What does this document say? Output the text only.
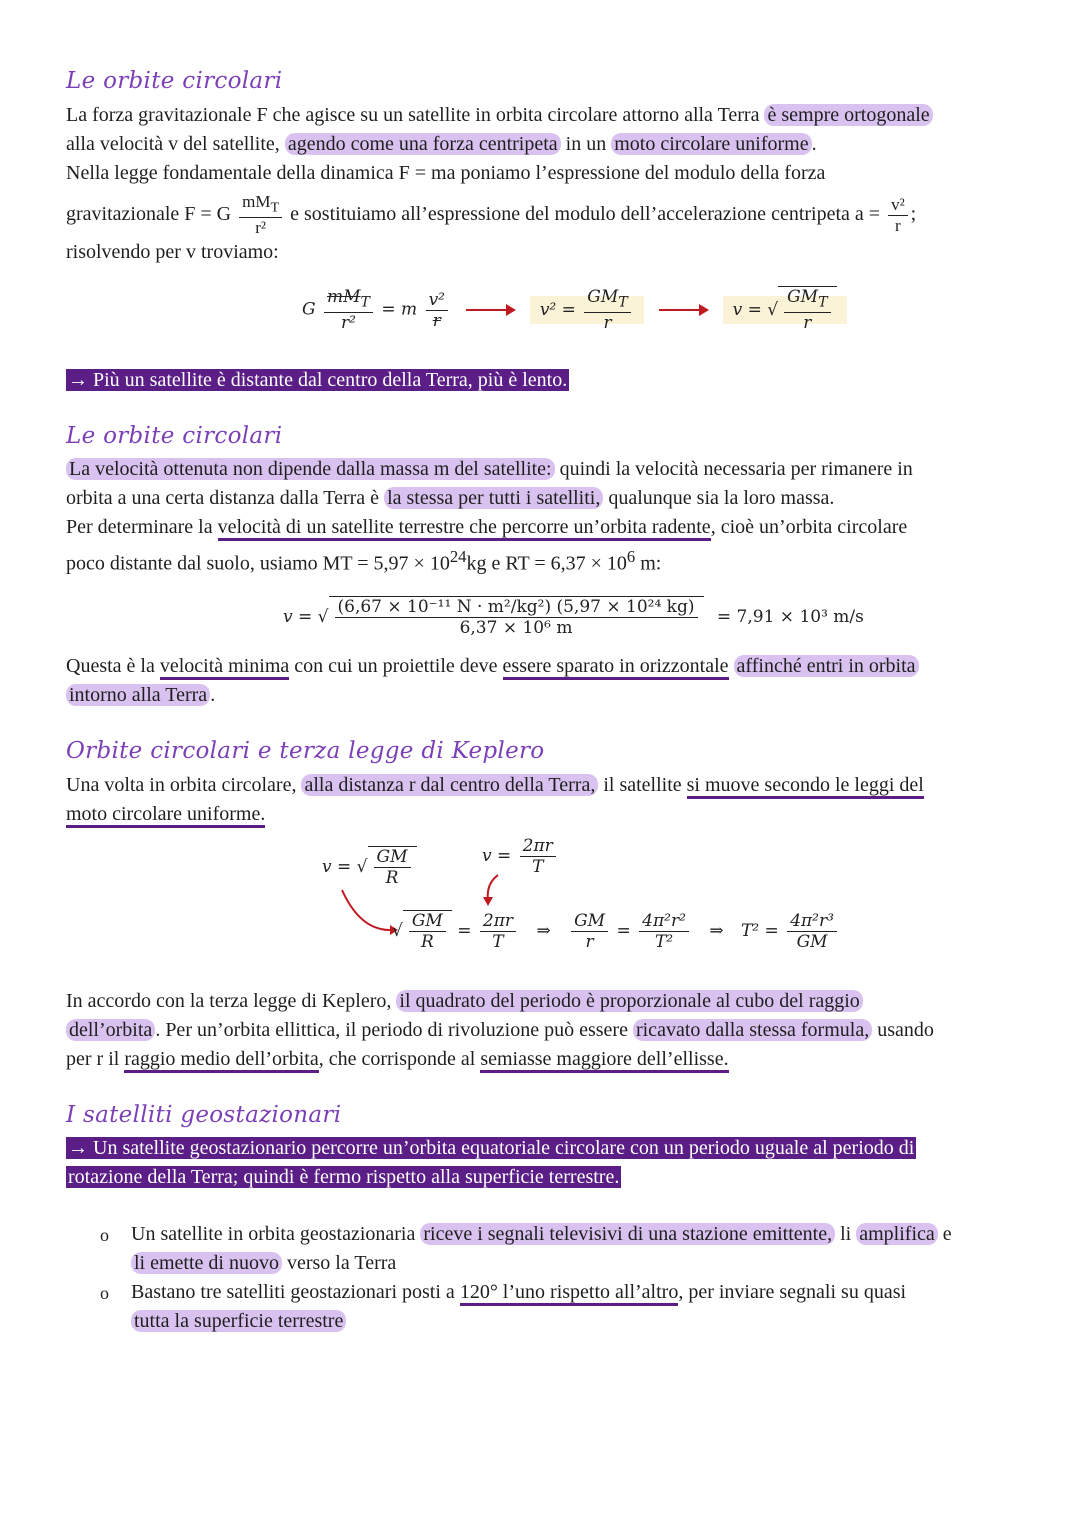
Le orbite circolari
La forza gravitazionale F che agisce su un satellite in orbita circolare attorno alla Terra è sempre ortogonale
alla velocità v del satellite, agendo come una forza centripeta in un moto circolare uniforme .
Nella legge fondamentale della dinamica F = ma poniamo l’espressione del modulo della forza
gravitazionale F = G $\frac{mM_T}{\text{r²}}$ e sostituiamo all’espressione del modulo dell’accelerazione centripeta $a = \frac{\text{v²}}{r}$ ;
risolvendo per v troviamo:
G $\frac{mM_T}{\text{r²}} = m \frac{\text{v²}}{r}$	$v^2 = \frac{GM_T}{r}$	v = √ $\frac{GM_T}{r}$
→ Più un satellite è distante dal centro della Terra, più è lento.
Le orbite circolari
La velocità ottenuta non dipende dalla massa m del satellite: quindi la velocità necessaria per rimanere in
orbita a una certa distanza dalla Terra è la stessa per tutti i satelliti, qualunque sia la loro massa.
Per determinare la velocità di un satellite terrestre che percorre un’orbita radente, cioè un’orbita circolare
poco distante dal suolo, usiamo MT = $5,97 \times 10^{24}kg$ e RT = $6,37 \times 10^6$ m:
v = √ $\frac{\text{(6,67 × 10⁻¹¹ N · m²/kg²) (5,97 × 10²⁴ kg)}}{\text{6,37 × 10⁶ m}} = 7,91 \times 10^3$ m/s
Questa è la velocità minima con cui un proiettile deve essere sparato in orizzontale affinché entri in orbita
intorno alla Terra .
Orbite circolari e terza legge di Keplero
Una volta in orbita circolare, alla distanza r dal centro della Terra, il satellite si muove secondo le leggi del
moto circolare uniforme.
v = √ $\frac{GM}{R}$	$v = \frac{2\pi r}{T}$
√ $\frac{GM}{R} = \frac{2\pi r}{T}$ ⇒ $\frac{GM}{r} = \frac{\text{4π²r²}}{\text{T²}}$ ⇒ $T^2 = \frac{\text{4π²r³}}{GM}$
In accordo con la terza legge di Keplero, il quadrato del periodo è proporzionale al cubo del raggio
dell’orbita . Per un’orbita ellittica, il periodo di rivoluzione può essere ricavato dalla stessa formula, usando
per r il raggio medio dell’orbita, che corrisponde al semiasse maggiore dell’ellisse.
I satelliti geostazionari
→ Un satellite geostazionario percorre un’orbita equatoriale circolare con un periodo uguale al periodo di
rotazione della Terra; quindi è fermo rispetto alla superficie terrestre.
o Un satellite in orbita geostazionaria riceve i segnali televisivi di una stazione emittente, li amplifica e
li emette di nuovo verso la Terra
o Bastano tre satelliti geostazionari posti a 120° l’uno rispetto all’altro, per inviare segnali su quasi
tutta la superficie terrestre
